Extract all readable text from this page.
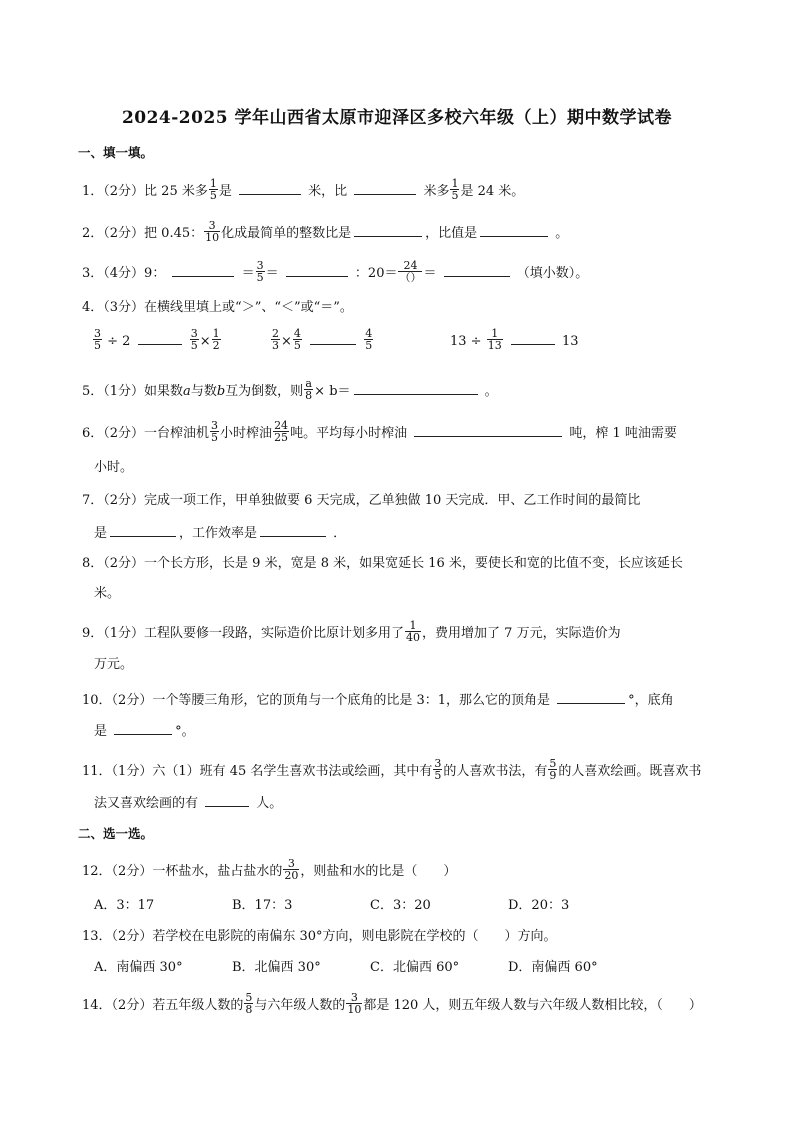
2024-2025 学年山西省太原市迎泽区多校六年级（上）期中数学试卷
一、填一填。
1．（2分）比 25 米多 $\frac{1}{5}$ 是	米，比	米多 $\frac{1}{5}$ 是 24 米。
2．（2分）把 0.45： $\frac{3}{10}$ 化成最简单的整数比是	，比值是	。
3．（4分）9：	＝ $\frac{3}{5}$ ＝	：$20= \frac{24}{()}$ ＝	（填小数）。
4．（3分）在横线里填上或“＞”、“＜”或“＝”。
$\frac{3}{5} \div 2$	$\frac{3}{5} \times \frac{1}{2}$	$\frac{2}{3} \times \frac{4}{5}$
	$\frac{4}{5}$	$13 \div \frac{1}{13}$	13
5．（1分）如果数a与数b互为倒数，则 $\frac{a}{8} \times b=$	。
6．（2分）一台榨油机 $\frac{3}{5}$ 小时榨油 $\frac{24}{25}$ 吨。平均每小时榨油	吨，榨 1 吨油需要
小时。
7．（2分）完成一项工作，甲单独做要 6 天完成，乙单独做 10 天完成．甲、乙工作时间的最简比
是	，工作效率是	．
8．（2分）一个长方形，长是 9 米，宽是 8 米，如果宽延长 16 米，要使长和宽的比值不变，长应该延长
米。
9．（1分）工程队要修一段路，实际造价比原计划多用了 $\frac{1}{40}$ ，费用增加了 7 万元，实际造价为
万元。
10．（2分）一个等腰三角形，它的顶角与一个底角的比是 3：1，那么它的顶角是	°，底角
是	°。
11．（1分）六（1）班有 45 名学生喜欢书法或绘画，其中有 $\frac{3}{5}$ 的人喜欢书法，有 $\frac{5}{9}$ 的人喜欢绘画。既喜欢书
法又喜欢绘画的有	人。
二、选一选。
12．（2分）一杯盐水，盐占盐水的 $\frac{3}{20}$ ，则盐和水的比是（　　）
A．3：17	B．17：3	C．3：20	D．20：3
13．（2分）若学校在电影院的南偏东 30°方向，则电影院在学校的（　　）方向。
A．南偏西 30°	B．北偏西 30°	C．北偏西 60°	D．南偏西 60°
14．（2分）若五年级人数的 $\frac{5}{8}$ 与六年级人数的 $\frac{3}{10}$ 都是 120 人，则五年级人数与六年级人数相比较，（　　）
